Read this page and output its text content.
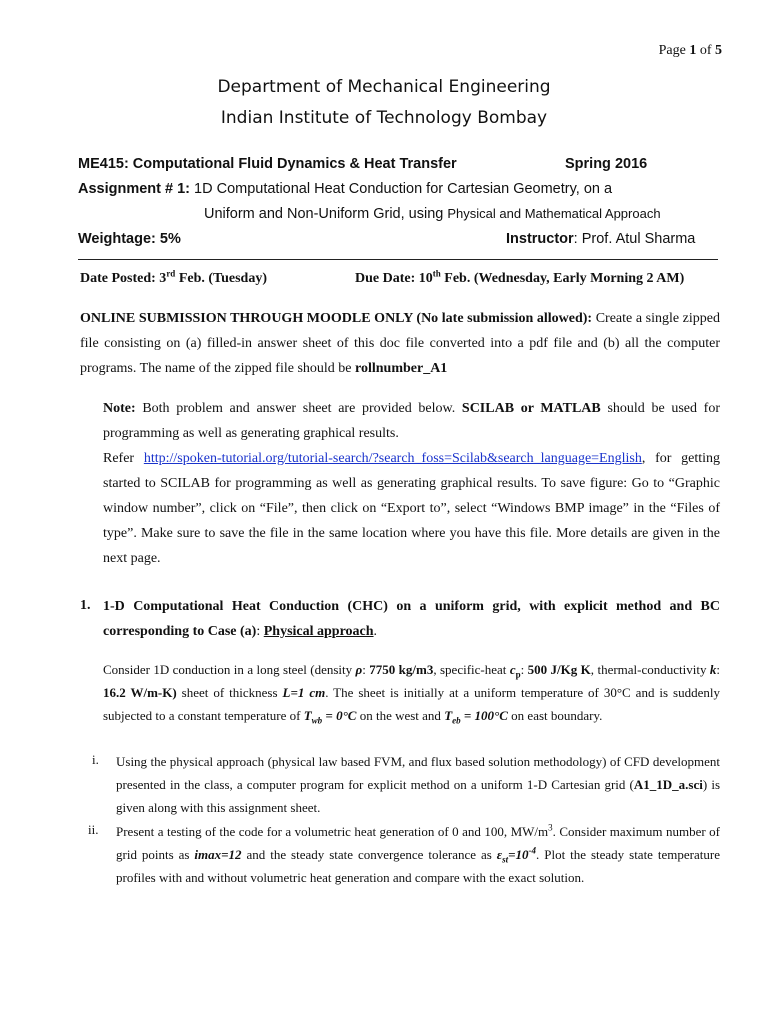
Page 1 of 5
Department of Mechanical Engineering
Indian Institute of Technology Bombay
ME415: Computational Fluid Dynamics & Heat Transfer	Spring 2016
Assignment # 1: 1D Computational Heat Conduction for Cartesian Geometry, on a
Uniform and Non-Uniform Grid, using Physical and Mathematical Approach
Weightage: 5%	Instructor: Prof. Atul Sharma
Date Posted: 3rd Feb. (Tuesday)	Due Date: 10th Feb. (Wednesday, Early Morning 2 AM)
ONLINE SUBMISSION THROUGH MOODLE ONLY (No late submission allowed): Create a single zipped file consisting on (a) filled-in answer sheet of this doc file converted into a pdf file and (b) all the computer programs. The name of the zipped file should be rollnumber_A1
Note: Both problem and answer sheet are provided below. SCILAB or MATLAB should be used for programming as well as generating graphical results.
Refer http://spoken-tutorial.org/tutorial-search/?search_foss=Scilab&search_language=English, for getting started to SCILAB for programming as well as generating graphical results. To save figure: Go to “Graphic window number”, click on “File”, then click on “Export to”, select “Windows BMP image” in the “Files of type”. Make sure to save the file in the same location where you have this file. More details are given in the next page.
1. 1-D Computational Heat Conduction (CHC) on a uniform grid, with explicit method and BC corresponding to Case (a): Physical approach.
Consider 1D conduction in a long steel (density ρ: 7750 kg/m3, specific-heat $c_p$: 500 J/Kg K, thermal-conductivity k: 16.2 W/m-K) sheet of thickness L=1 cm. The sheet is initially at a uniform temperature of 30°C and is suddenly subjected to a constant temperature of $T_{wb} = 0^\circ C$ on the west and $T_{eb} = 100^\circ C$ on east boundary.
i. Using the physical approach (physical law based FVM, and flux based solution methodology) of CFD development presented in the class, a computer program for explicit method on a uniform 1-D Cartesian grid (A1_1D_a.sci) is given along with this assignment sheet.
ii. Present a testing of the code for a volumetric heat generation of 0 and 100, $MW/m^3$. Consider maximum number of grid points as imax=12 and the steady state convergence tolerance as $\varepsilon_{st}=10^{-4}$. Plot the steady state temperature profiles with and without volumetric heat generation and compare with the exact solution.
